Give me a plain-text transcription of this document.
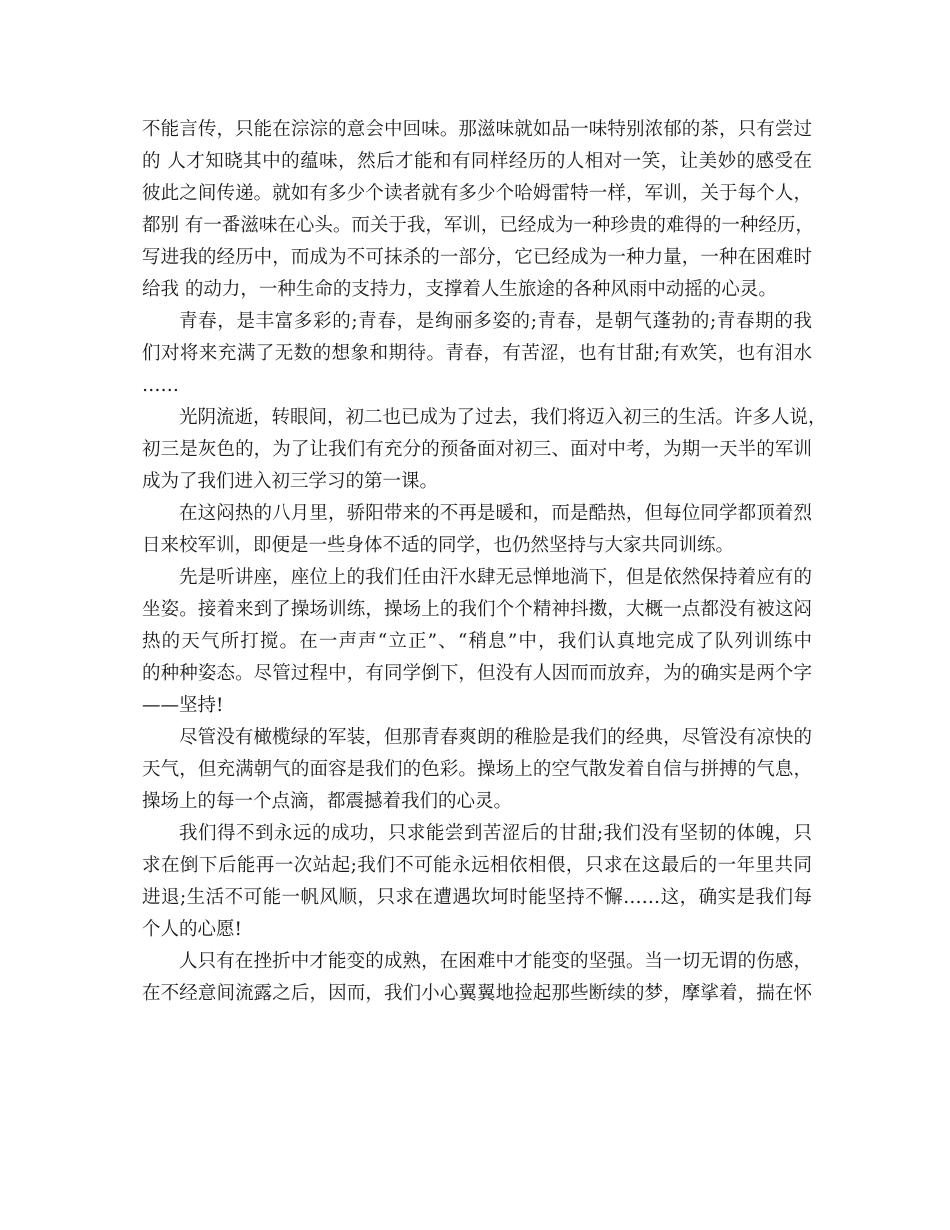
不能言传，只能在淙淙的意会中回味。那滋味就如品一味特别浓郁的茶，只有尝过
的 人才知晓其中的蕴味，然后才能和有同样经历的人相对一笑，让美妙的感受在
彼此之间传递。就如有多少个读者就有多少个哈姆雷特一样，军训，关于每个人，
都别 有一番滋味在心头。而关于我，军训，已经成为一种珍贵的难得的一种经历，
写进我的经历中，而成为不可抹杀的一部分，它已经成为一种力量，一种在困难时
给我 的动力，一种生命的支持力，支撑着人生旅途的各种风雨中动摇的心灵。
青春，是丰富多彩的;青春，是绚丽多姿的;青春，是朝气蓬勃的;青春期的我
们对将来充满了无数的想象和期待。青春，有苦涩，也有甘甜;有欢笑，也有泪水
……
光阴流逝，转眼间，初二也已成为了过去，我们将迈入初三的生活。许多人说，
初三是灰色的，为了让我们有充分的预备面对初三、面对中考，为期一天半的军训
成为了我们进入初三学习的第一课。
在这闷热的八月里，骄阳带来的不再是暖和，而是酷热，但每位同学都顶着烈
日来校军训，即便是一些身体不适的同学，也仍然坚持与大家共同训练。
先是听讲座，座位上的我们任由汗水肆无忌惮地淌下，但是依然保持着应有的
坐姿。接着来到了操场训练，操场上的我们个个精神抖擞，大概一点都没有被这闷
热的天气所打搅。在一声声“立正”、“稍息”中，我们认真地完成了队列训练中
的种种姿态。尽管过程中，有同学倒下，但没有人因而而放弃，为的确实是两个字
——坚持!
尽管没有橄榄绿的军装，但那青春爽朗的稚脸是我们的经典，尽管没有凉快的
天气，但充满朝气的面容是我们的色彩。操场上的空气散发着自信与拼搏的气息，
操场上的每一个点滴，都震撼着我们的心灵。
我们得不到永远的成功，只求能尝到苦涩后的甘甜;我们没有坚韧的体魄，只
求在倒下后能再一次站起;我们不可能永远相依相偎，只求在这最后的一年里共同
进退;生活不可能一帆风顺，只求在遭遇坎坷时能坚持不懈……这，确实是我们每
个人的心愿!
人只有在挫折中才能变的成熟，在困难中才能变的坚强。当一切无谓的伤感，
在不经意间流露之后，因而，我们小心翼翼地捡起那些断续的梦，摩挲着，揣在怀
